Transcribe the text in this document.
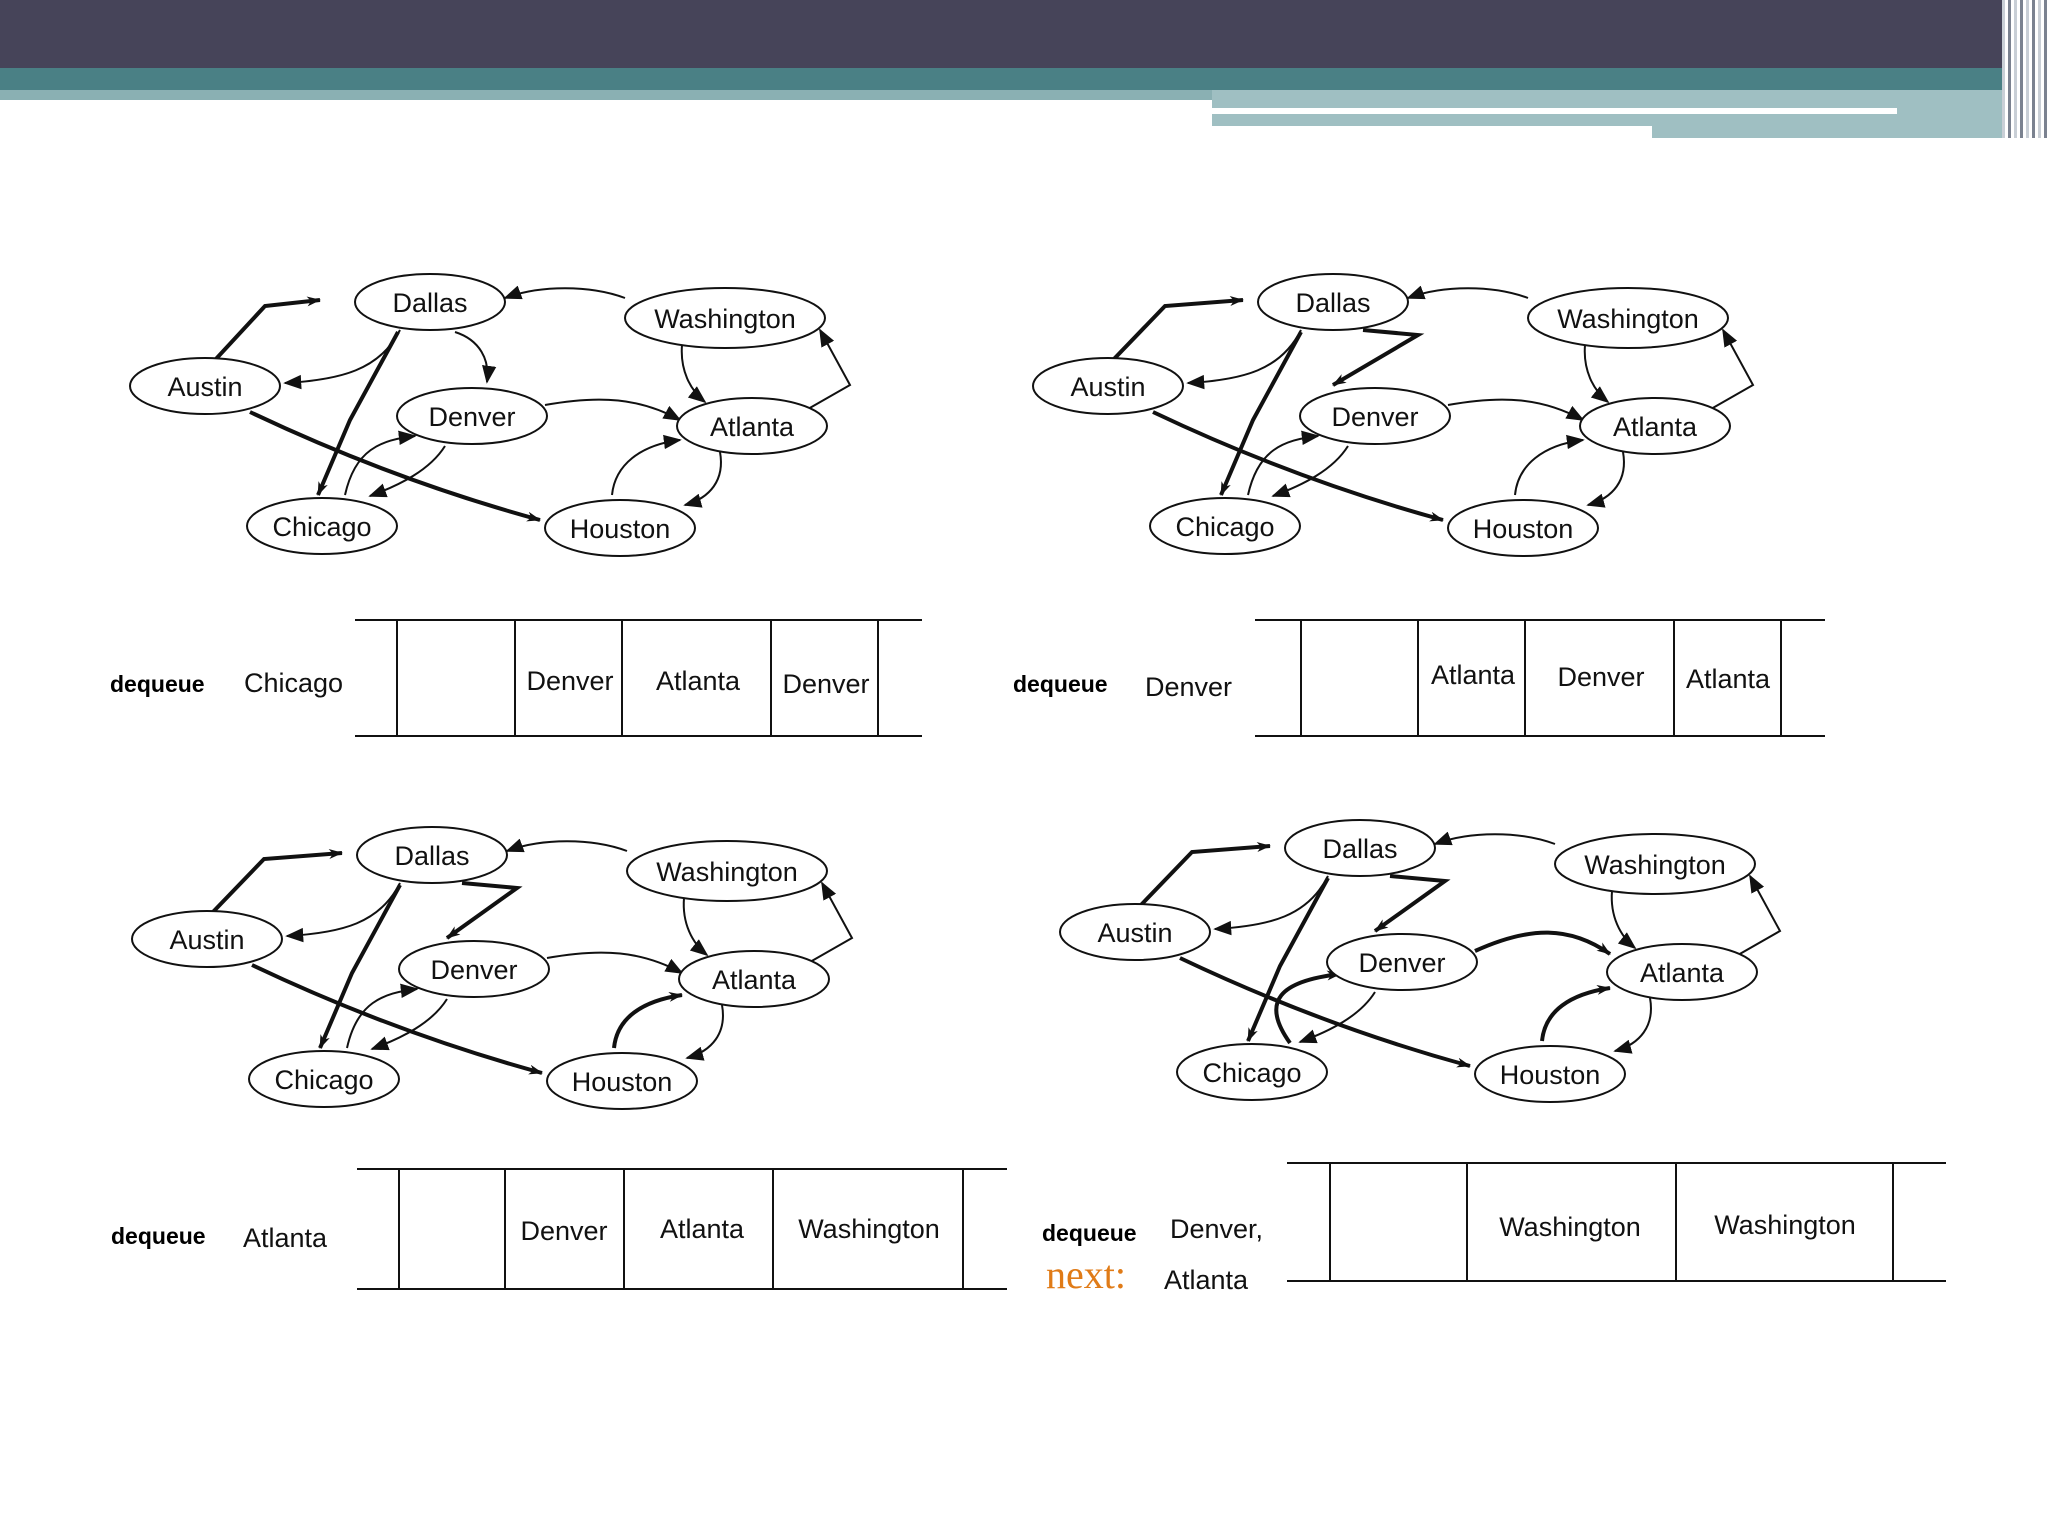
Dallas
Washington
Austin
Denver	Atlanta
Chicago	Houston
dequeue Chicago	Denver Atlanta Denver
Dallas
Washington
Austin
Denver	Atlanta
Chicago	Houston
dequeue Denver	Atlanta Denver Atlanta
Dallas
Washington
Austin
Denver	Atlanta
Chicago	Houston
dequeue Atlanta	Denver Atlanta Washington
Dallas
Washington
Austin
Denver	Atlanta
Chicago	Houston
dequeue Denver,
next: Atlanta
Washington	Washington
